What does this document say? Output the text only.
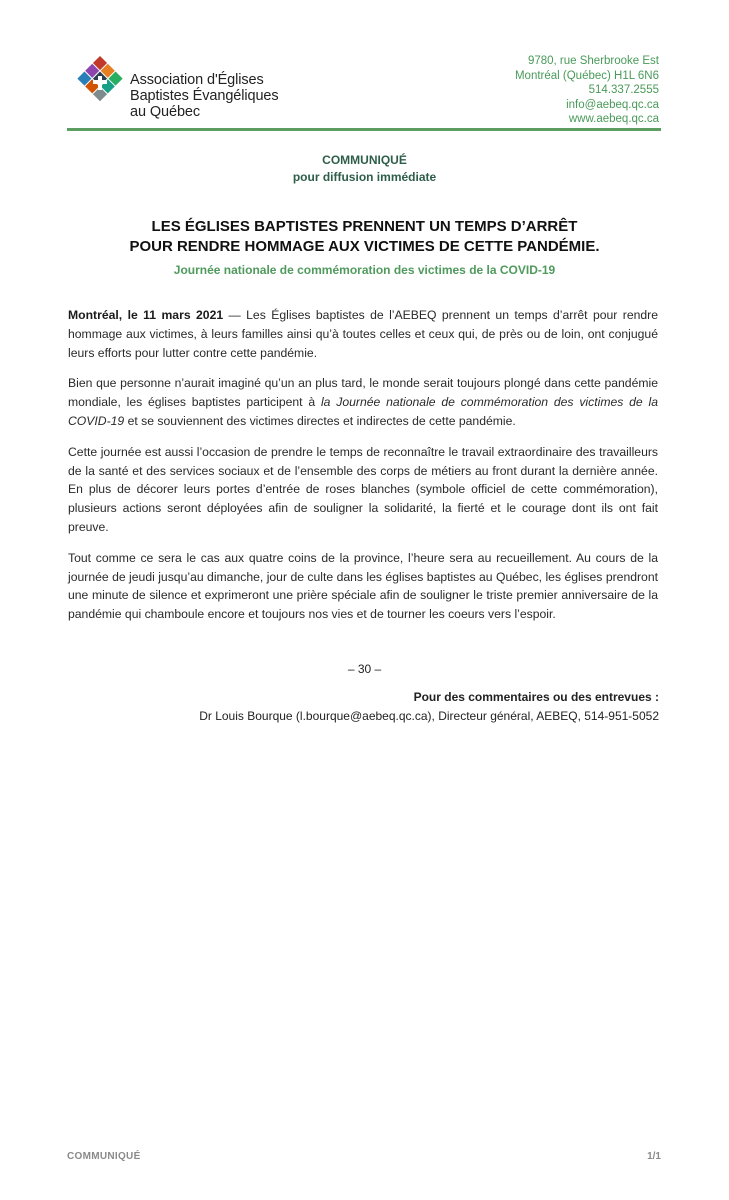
Association d'Églises
Baptistes Évangéliques
au Québec
9780, rue Sherbrooke Est
Montréal (Québec) H1L 6N6
514.337.2555
info@aebeq.qc.ca
www.aebeq.qc.ca
COMMUNIQUÉ
pour diffusion immédiate
LES ÉGLISES BAPTISTES PRENNENT UN TEMPS D’ARRÊT
POUR RENDRE HOMMAGE AUX VICTIMES DE CETTE PANDÉMIE.
Journée nationale de commémoration des victimes de la COVID-19

Montréal, le 11 mars 2021 — Les Églises baptistes de l’AEBEQ prennent un temps d’arrêt pour rendre hommage aux victimes, à leurs familles ainsi qu’à toutes celles et ceux qui, de près ou de loin, ont conjugué leurs efforts pour lutter contre cette pandémie.

Bien que personne n’aurait imaginé qu’un an plus tard, le monde serait toujours plongé dans cette pandémie mondiale, les églises baptistes participent à la Journée nationale de commémoration des victimes de la COVID-19 et se souviennent des victimes directes et indirectes de cette pandémie.

Cette journée est aussi l’occasion de prendre le temps de reconnaître le travail extraordinaire des travailleurs de la santé et des services sociaux et de l’ensemble des corps de métiers au front durant la dernière année. En plus de décorer leurs portes d’entrée de roses blanches (symbole officiel de cette commémoration), plusieurs actions seront déployées afin de souligner la solidarité, la fierté et le courage dont ils ont fait preuve.

Tout comme ce sera le cas aux quatre coins de la province, l’heure sera au recueillement. Au cours de la journée de jeudi jusqu’au dimanche, jour de culte dans les églises baptistes au Québec, les églises prendront une minute de silence et exprimeront une prière spéciale afin de souligner le triste premier anniversaire de la pandémie qui chamboule encore et toujours nos vies et de tourner les coeurs vers l’espoir.

– 30 –
Pour des commentaires ou des entrevues :
Dr Louis Bourque (l.bourque@aebeq.qc.ca), Directeur général, AEBEQ, 514-951-5052
COMMUNIQUÉ	1/1
